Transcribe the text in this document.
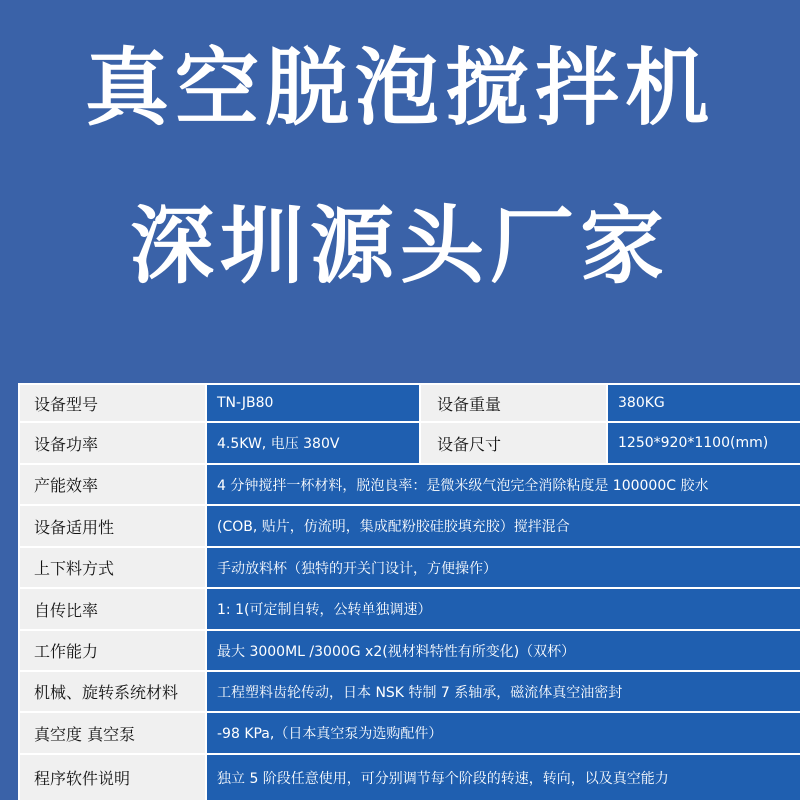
真空脱泡搅拌机
深圳源头厂家
设备型号	TN-JB80	设备重量	380KG
设备功率	4.5KW, 电压 380V	设备尺寸	1250*920*1100(mm)
产能效率	4 分钟搅拌一杯材料，脱泡良率：是微米级气泡完全消除粘度是 100000C 胶水
设备适用性	(COB, 贴片，仿流明，集成配粉胶硅胶填充胶）搅拌混合
上下料方式	手动放料杯（独特的开关门设计，方便操作）
自传比率	1: 1(可定制自转，公转单独调速）
工作能力	最大 3000ML /3000G x2(视材料特性有所变化)（双杯）
机械、旋转系统材料	工程塑料齿轮传动，日本 NSK 特制 7 系轴承，磁流体真空油密封
真空度 真空泵	-98 KPa,（日本真空泵为选购配件）
程序软件说明	独立 5 阶段任意使用，可分别调节每个阶段的转速，转向，以及真空能力
